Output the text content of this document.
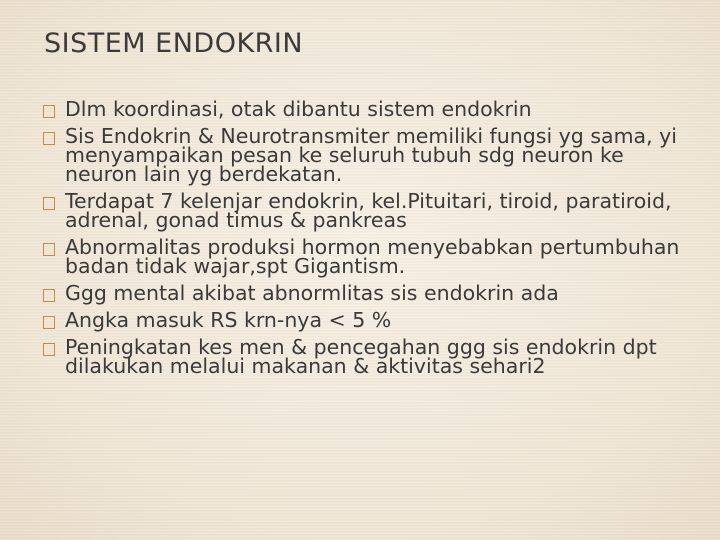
SISTEM ENDOKRIN
Dlm koordinasi, otak dibantu sistem endokrin
Sis Endokrin & Neurotransmiter memiliki fungsi yg sama, yi menyampaikan pesan ke seluruh tubuh sdg neuron ke neuron lain yg berdekatan.
Terdapat 7 kelenjar endokrin, kel.Pituitari, tiroid, paratiroid, adrenal, gonad timus & pankreas
Abnormalitas produksi hormon menyebabkan pertumbuhan badan tidak wajar,spt Gigantism.
Ggg mental akibat abnormlitas sis endokrin ada
Angka masuk RS krn-nya < 5 %
Peningkatan kes men & pencegahan ggg sis endokrin dpt dilakukan melalui makanan & aktivitas sehari2
